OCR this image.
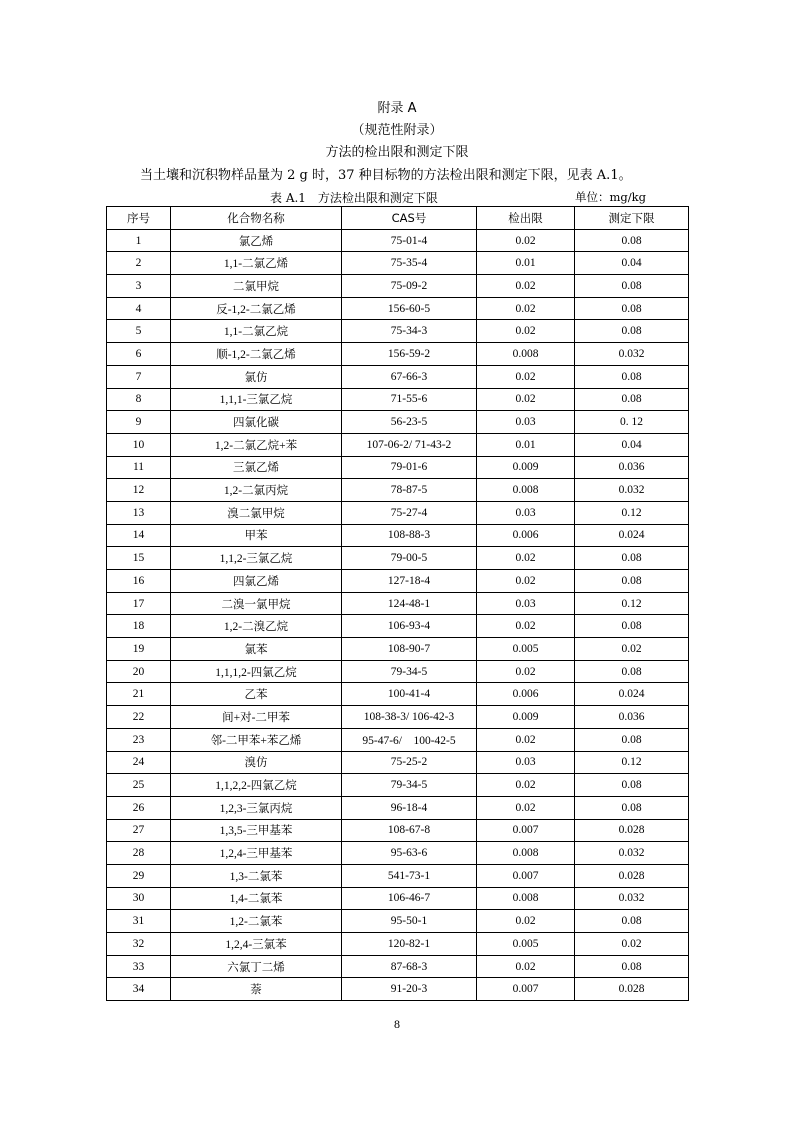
附录 A
（规范性附录）
方法的检出限和测定下限
当土壤和沉积物样品量为 2 g 时，37 种目标物的方法检出限和测定下限，见表 A.1。
表 A.1　方法检出限和测定下限	单位：mg/kg
序号	化合物名称	CAS号	检出限	测定下限
1	氯乙烯	75-01-4	0.02	0.08
2	1,1-二氯乙烯	75-35-4	0.01	0.04
3	二氯甲烷	75-09-2	0.02	0.08
4	反-1,2-二氯乙烯	156-60-5	0.02	0.08
5	1,1-二氯乙烷	75-34-3	0.02	0.08
6	顺-1,2-二氯乙烯	156-59-2	0.008	0.032
7	氯仿	67-66-3	0.02	0.08
8	1,1,1-三氯乙烷	71-55-6	0.02	0.08
9	四氯化碳	56-23-5	0.03	0. 12
10	1,2-二氯乙烷+苯	107-06-2/ 71-43-2	0.01	0.04
11	三氯乙烯	79-01-6	0.009	0.036
12	1,2-二氯丙烷	78-87-5	0.008	0.032
13	溴二氯甲烷	75-27-4	0.03	0.12
14	甲苯	108-88-3	0.006	0.024
15	1,1,2-三氯乙烷	79-00-5	0.02	0.08
16	四氯乙烯	127-18-4	0.02	0.08
17	二溴一氯甲烷	124-48-1	0.03	0.12
18	1,2-二溴乙烷	106-93-4	0.02	0.08
19	氯苯	108-90-7	0.005	0.02
20	1,1,1,2-四氯乙烷	79-34-5	0.02	0.08
21	乙苯	100-41-4	0.006	0.024
22	间+对-二甲苯	108-38-3/ 106-42-3	0.009	0.036
23	邻-二甲苯+苯乙烯	95-47-6/　100-42-5	0.02	0.08
24	溴仿	75-25-2	0.03	0.12
25	1,1,2,2-四氯乙烷	79-34-5	0.02	0.08
26	1,2,3-三氯丙烷	96-18-4	0.02	0.08
27	1,3,5-三甲基苯	108-67-8	0.007	0.028
28	1,2,4-三甲基苯	95-63-6	0.008	0.032
29	1,3-二氯苯	541-73-1	0.007	0.028
30	1,4-二氯苯	106-46-7	0.008	0.032
31	1,2-二氯苯	95-50-1	0.02	0.08
32	1,2,4-三氯苯	120-82-1	0.005	0.02
33	六氯丁二烯	87-68-3	0.02	0.08
34	萘	91-20-3	0.007	0.028
8
